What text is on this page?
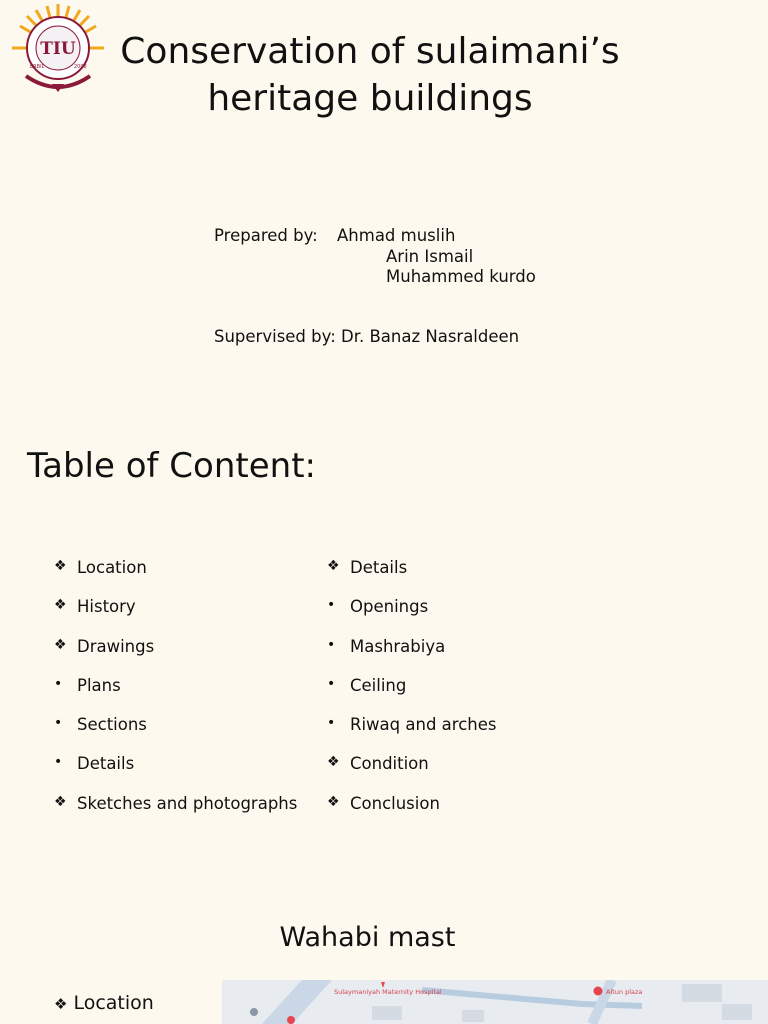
TIU
ERBIL	2008 Conservation of sulaimani’s
heritage buildings
Prepared by: Ahmad muslih
Arin Ismail
Muhammed kurdo
Supervised by: Dr. Banaz Nasraldeen
Table of Content:
❖ Location
❖ History
❖ Drawings
• Plans
• Sections
• Details
❖ Sketches and photographs
❖ Details
• Openings
• Mashrabiya
• Ceiling
• Riwaq and arches
❖ Condition
❖ Conclusion
Wahabi mast
❖ Location	Sulaymaniyah Maternity Hospital	Altun plaza
